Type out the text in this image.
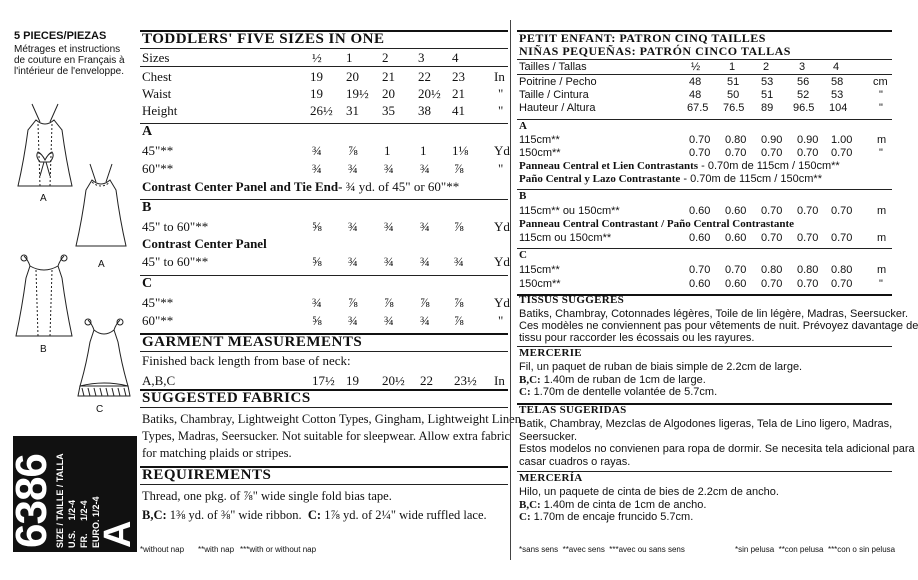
5 PIECES/PIEZAS
Métrages et instructions
de couture en Français à
l'intérieur de l'enveloppe.
A
A
B
C
6386 SIZE / TAILLE / TALLA U.S.    1/2-4 FR.     1/2-4 EURO. 1/2-4
A
*without nap **with nap ***with or without nap
TODDLERS' FIVE SIZES IN ONE
Sizes	½ 1 2 3 4
Chest	19 20 21 22 23 In
Waist	19 19½ 20 20½ 21	"
Height	26½ 31 35 38 41	"
A
45"**	¾ ⅞ 1 1 1⅛ Yd
60"**	¾ ¾ ¾ ¾ ⅞	"
Contrast Center Panel and Tie End- ¾ yd. of 45" or 60"**
B
45" to 60"**	⅝ ¾ ¾ ¾ ⅞ Yd
Contrast Center Panel
45" to 60"**	⅝ ¾ ¾ ¾ ¾ Yd
C
45"**	¾ ⅞ ⅞ ⅞ ⅞ Yd
60"**	⅝ ¾ ¾ ¾ ⅞	"
GARMENT MEASUREMENTS
Finished back length from base of neck:
A,B,C	17½ 19 20½ 22 23½ In
SUGGESTED FABRICS
Batiks, Chambray, Lightweight Cotton Types, Gingham, Lightweight Linen
Types, Madras, Seersucker. Not suitable for sleepwear. Allow extra fabric
for matching plaids or stripes.
REQUIREMENTS
Thread, one pkg. of ⅞" wide single fold bias tape.
B,C: 1⅜ yd. of ⅜" wide ribbon. C: 1⅞ yd. of 2¼" wide ruffled lace.
PETIT ENFANT: PATRON CINQ TAILLES
NIÑAS PEQUEÑAS: PATRÓN CINCO TALLAS
Tailles / Tallas	½	1	2	3	4
Poitrine / Pecho	48 51 53 56 58	cm
Taille / Cintura	48 50 51 52 53	"
Hauteur / Altura	67.5 76.5 89 96.5 104	"
A
115cm**	0.70 0.80 0.90 0.90 1.00 m
150cm**	0.70 0.70 0.70 0.70 0.70 "
Panneau Central et Lien Contrastants - 0.70m de 115cm / 150cm**
Paño Central y Lazo Contrastante - 0.70m de 115cm / 150cm**
B
115cm** ou 150cm**	0.60 0.60 0.70 0.70 0.70 m
Panneau Central Contrastant / Paño Central Contrastante
115cm ou 150cm**	0.60 0.60 0.70 0.70 0.70 m
C
115cm**	0.70 0.70 0.80 0.80 0.80 m
150cm**	0.60 0.60 0.70 0.70 0.70 "
TISSUS SUGGÉRÉS
Batiks, Chambray, Cotonnades légères, Toile de lin légère, Madras, Seersucker.
Ces modèles ne conviennent pas pour vêtements de nuit. Prévoyez davantage de
tissu pour raccorder les écossais ou les rayures.
MERCERIE
Fil, un paquet de ruban de biais simple de 2.2cm de large.
B,C: 1.40m de ruban de 1cm de large.
C: 1.70m de dentelle volantée de 5.7cm.
TELAS SUGERIDAS
Batik, Chambray, Mezclas de Algodones ligeras, Tela de Lino ligero, Madras,
Seersucker.
Estos modelos no convienen para ropa de dormir. Se necesita tela adicional para
casar cuadros o rayas.
MERCERÍA
Hilo, un paquete de cinta de bies de 2.2cm de ancho.
B,C: 1.40m de cinta de 1cm de ancho.
C: 1.70m de encaje fruncido 5.7cm.
*sans sens  **avec sens  ***avec ou sans sens	*sin pelusa  **con pelusa  ***con o sin pelusa
